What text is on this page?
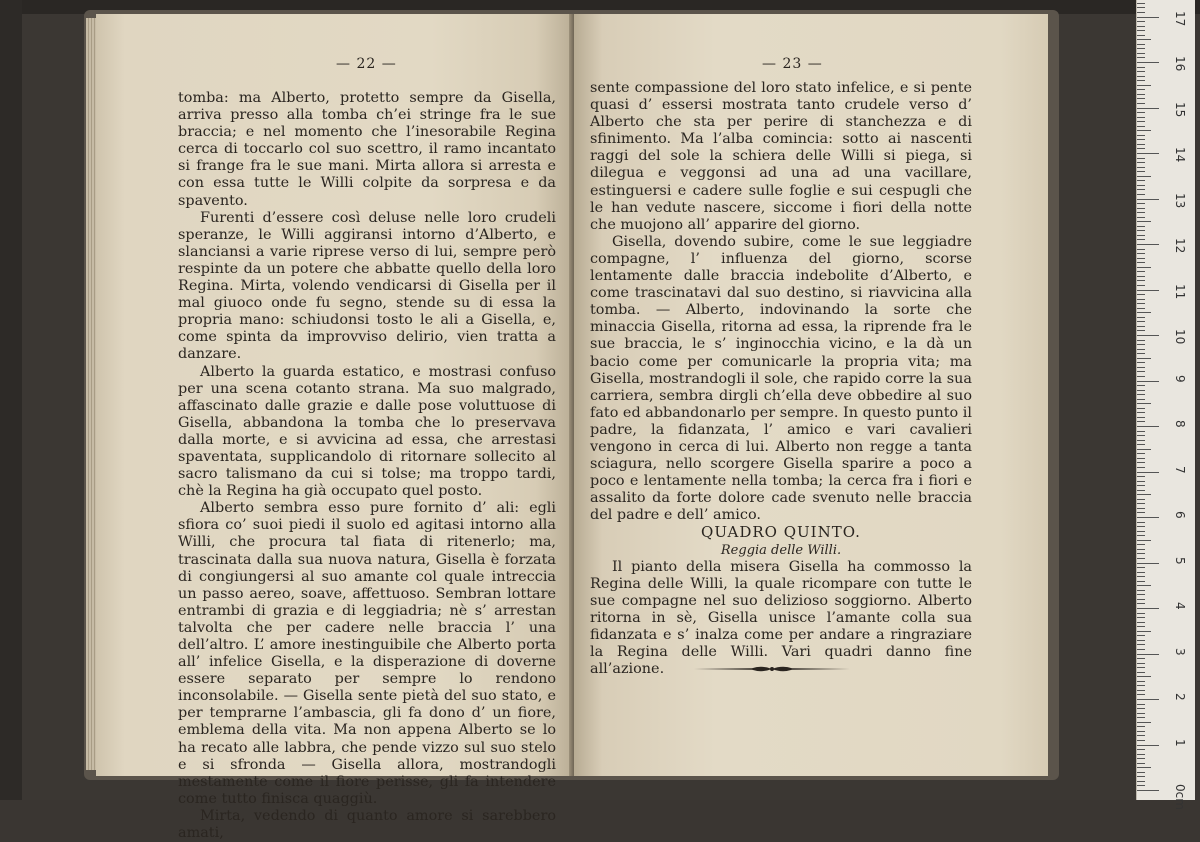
— 22 —

tomba: ma Alberto, protetto sempre da Gisella, arriva presso alla tomba ch’ei stringe fra le sue braccia; e nel momento che l’inesorabile Regina cerca di toccarlo col suo scettro, il ramo incantato si frange fra le sue mani. Mirta allora si arresta e con essa tutte le Willi colpite da sorpresa e da spavento.

Furenti d’essere così deluse nelle loro crudeli speranze, le Willi aggiransi intorno d’Alberto, e slanciansi a varie riprese verso di lui, sempre però respinte da un potere che abbatte quello della loro Regina. Mirta, volendo vendicarsi di Gisella per il mal giuoco onde fu segno, stende su di essa la propria mano: schiudonsi tosto le ali a Gisella, e, come spinta da improvviso delirio, vien tratta a danzare.

Alberto la guarda estatico, e mostrasi confuso per una scena cotanto strana. Ma suo malgrado, affascinato dalle grazie e dalle pose voluttuose di Gisella, abbandona la tomba che lo preservava dalla morte, e si avvicina ad essa, che arrestasi spaventata, supplicandolo di ritornare sollecito al sacro talismano da cui si tolse; ma troppo tardi, chè la Regina ha già occupato quel posto.

Alberto sembra esso pure fornito d’ ali: egli sfiora co’ suoi piedi il suolo ed agitasi intorno alla Willi, che procura tal fiata di ritenerlo; ma, trascinata dalla sua nuova natura, Gisella è forzata di congiungersi al suo amante col quale intreccia un passo aereo, soave, affettuoso. Sembran lottare entrambi di grazia e di leggiadria; nè s’ arrestan talvolta che per cadere nelle braccia l’ una dell’altro. L’ amore inestinguibile che Alberto porta all’ infelice Gisella, e la disperazione di doverne essere separato per sempre lo rendono inconsolabile. — Gisella sente pietà del suo stato, e per temprarne l’ambascia, gli fa dono d’ un fiore, emblema della vita. Ma non appena Alberto se lo ha recato alle labbra, che pende vizzo sul suo stelo e si sfronda — Gisella allora, mostrandogli mestamente come il fiore perisse, gli fa intendere come tutto finisca quaggiù.

Mirta, vedendo di quanto amore si sarebbero amati,

— 23 —

sente compassione del loro stato infelice, e si pente quasi d’ essersi mostrata tanto crudele verso d’ Alberto che sta per perire di stanchezza e di sfinimento. Ma l’alba comincia: sotto ai nascenti raggi del sole la schiera delle Willi si piega, si dilegua e veggonsi ad una ad una vacillare, estinguersi e cadere sulle foglie e sui cespugli che le han vedute nascere, siccome i fiori della notte che muojono all’ apparire del giorno.

Gisella, dovendo subire, come le sue leggiadre compagne, l’ influenza del giorno, scorse lentamente dalle braccia indebolite d’Alberto, e come trascinatavi dal suo destino, si riavvicina alla tomba. — Alberto, indovinando la sorte che minaccia Gisella, ritorna ad essa, la riprende fra le sue braccia, le s’ inginocchia vicino, e la dà un bacio come per comunicarle la propria vita; ma Gisella, mostrandogli il sole, che rapido corre la sua carriera, sembra dirgli ch’ella deve obbedire al suo fato ed abbandonarlo per sempre. In questo punto il padre, la fidanzata, l’ amico e vari cavalieri vengono in cerca di lui. Alberto non regge a tanta sciagura, nello scorgere Gisella sparire a poco a poco e lentamente nella tomba; la cerca fra i fiori e assalito da forte dolore cade svenuto nelle braccia del padre e dell’ amico.

QUADRO QUINTO.

Reggia delle Willi.

Il pianto della misera Gisella ha commosso la Regina delle Willi, la quale ricompare con tutte le sue compagne nel suo delizioso soggiorno. Alberto ritorna in sè, Gisella unisce l’amante colla sua fidanzata e s’ inalza come per andare a ringraziare la Regina delle Willi. Vari quadri danno fine all’azione.

0cm
1
2
3
4
5
6
7
8
9
10
11
12
13
14
15
16
17
